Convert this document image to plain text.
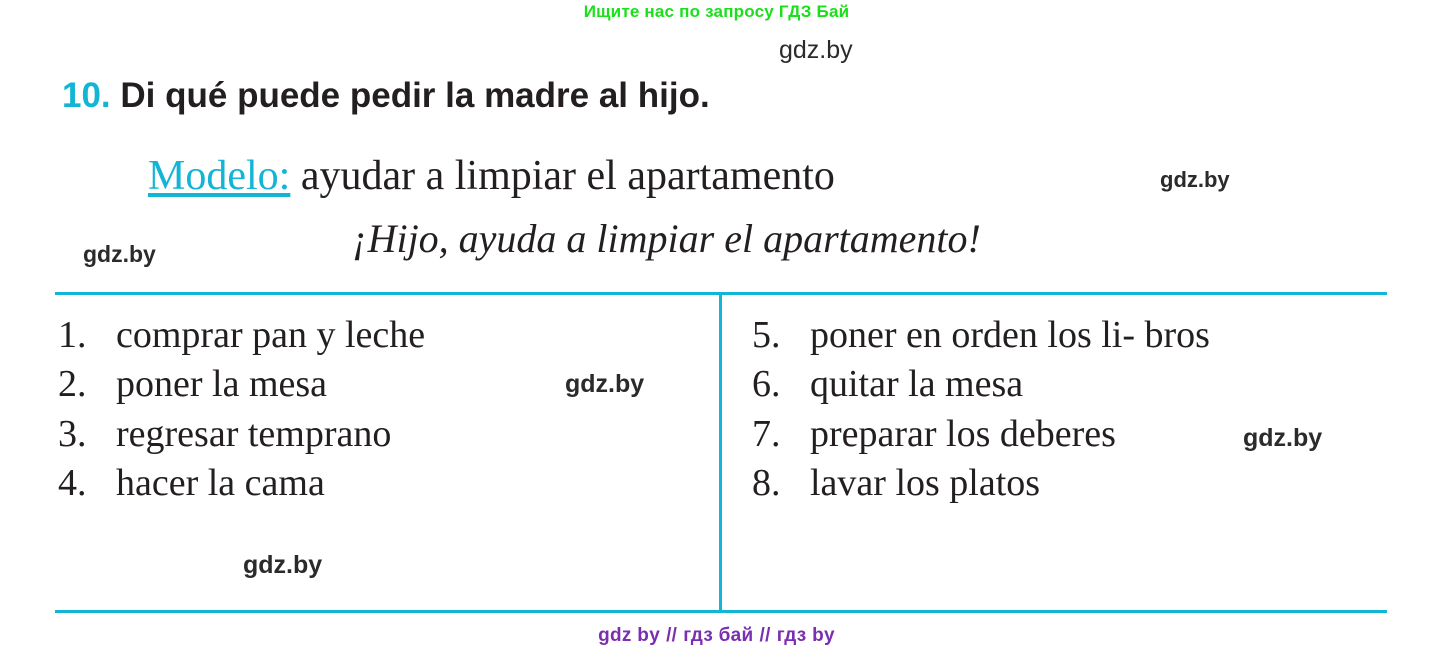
Ищите нас по запросу ГДЗ Бай
gdz.by
gdz.by
gdz.by
gdz.by
gdz.by
gdz.by
10. Di qué puede pedir la madre al hijo.
Modelo: ayudar a limpiar el apartamento
¡Hijo, ayuda a limpiar el apartamento!
1. comprar pan y leche
2. poner la mesa
3. regresar temprano
4. hacer la cama
5. poner en orden los li- bros
6. quitar la mesa
7. preparar los deberes
8. lavar los platos
gdz by // гдз бай // гдз by
